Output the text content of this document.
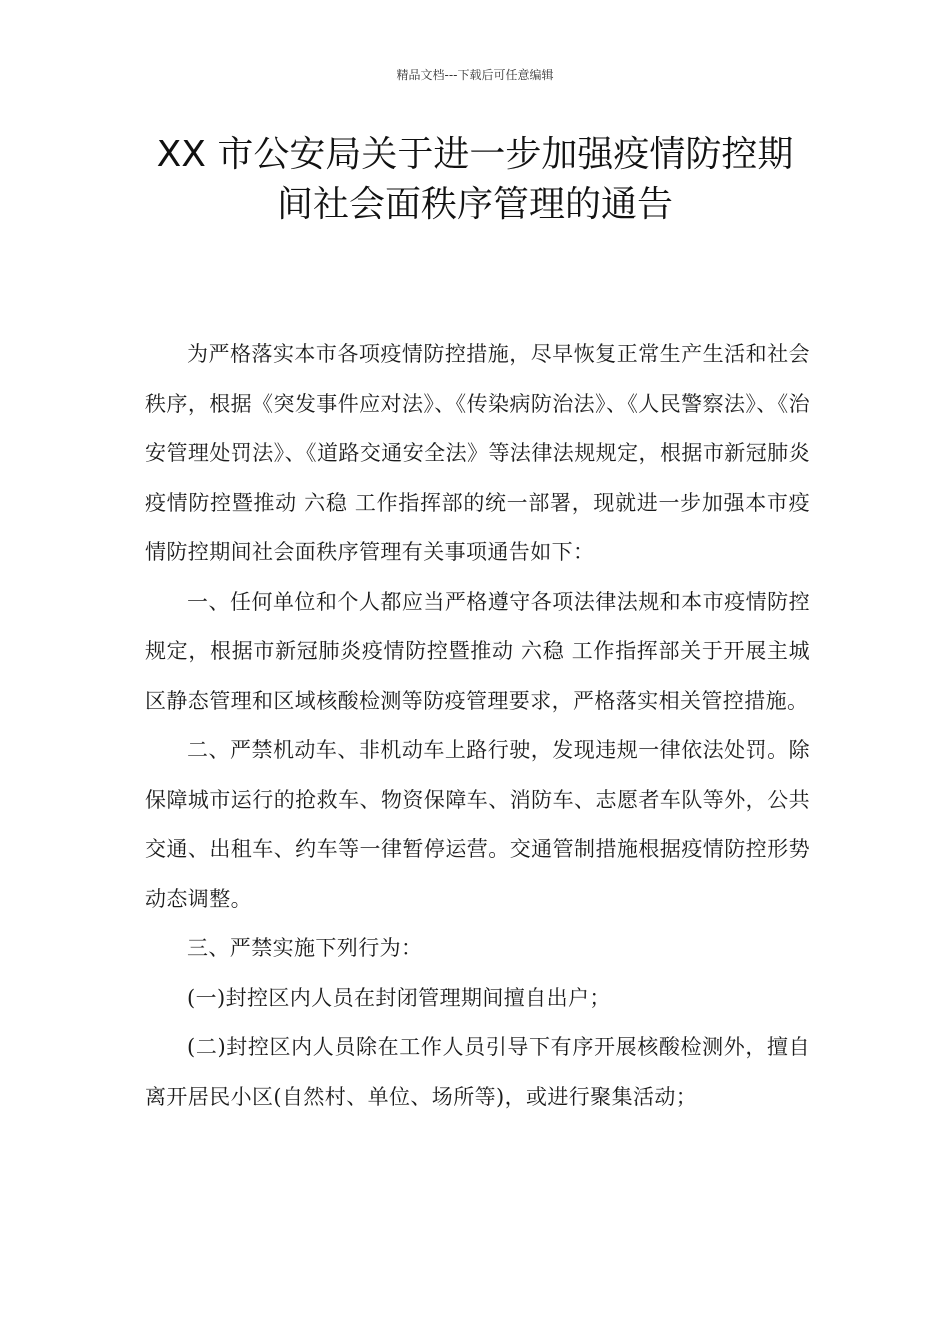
精品文档---下载后可任意编辑
XX 市公安局关于进一步加强疫情防控期
间社会面秩序管理的通告

为严格落实本市各项疫情防控措施，尽早恢复正常生产生活和社会秩序，根据《突发事件应对法》、《传染病防治法》、《人民警察法》、《治安管理处罚法》、《道路交通安全法》等法律法规规定，根据市新冠肺炎疫情防控暨推动 六稳 工作指挥部的统一部署，现就进一步加强本市疫情防控期间社会面秩序管理有关事项通告如下：

一、任何单位和个人都应当严格遵守各项法律法规和本市疫情防控规定，根据市新冠肺炎疫情防控暨推动 六稳 工作指挥部关于开展主城区静态管理和区域核酸检测等防疫管理要求，严格落实相关管控措施。

二、严禁机动车、非机动车上路行驶，发现违规一律依法处罚。除保障城市运行的抢救车、物资保障车、消防车、志愿者车队等外，公共交通、出租车、约车等一律暂停运营。交通管制措施根据疫情防控形势动态调整。

三、严禁实施下列行为：

(一)封控区内人员在封闭管理期间擅自出户；

(二)封控区内人员除在工作人员引导下有序开展核酸检测外，擅自离开居民小区(自然村、单位、场所等)，或进行聚集活动；
